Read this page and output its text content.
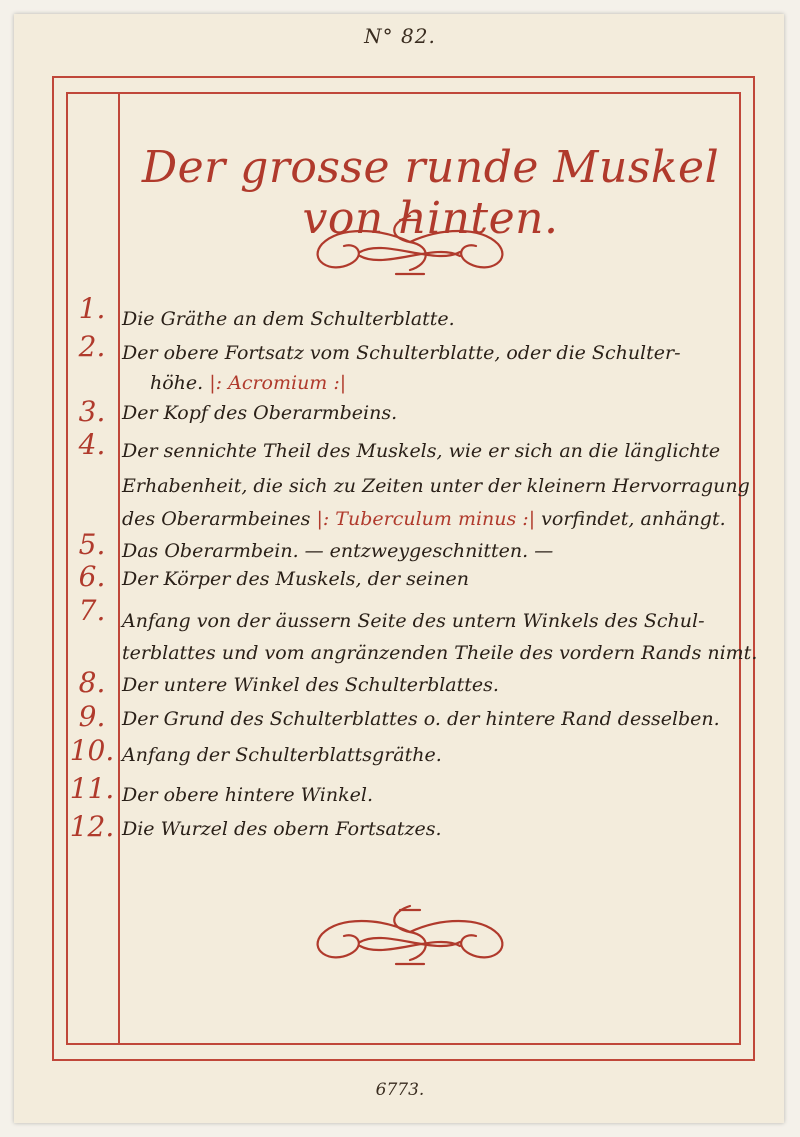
N° 82.
Der grosse runde Muskel von hinten.
1. Die Gräthe an dem Schulterblatte.
2. Der obere Fortsatz vom Schulterblatte, oder die Schulter-
höhe. |: Acromium :|
3. Der Kopf des Oberarmbeins.
4. Der sennichte Theil des Muskels, wie er sich an die länglichte
Erhabenheit, die sich zu Zeiten unter der kleinern Hervorragung
des Oberarmbeines |: Tuberculum minus :| vorfindet, anhängt.
5. Das Oberarmbein. — entzweygeschnitten. —
6. Der Körper des Muskels, der seinen
7. Anfang von der äussern Seite des untern Winkels des Schul-
terblattes und vom angränzenden Theile des vordern Rands nimt.
8. Der untere Winkel des Schulterblattes.
9. Der Grund des Schulterblattes o. der hintere Rand desselben.
10. Anfang der Schulterblattsgräthe.
11. Der obere hintere Winkel.
12. Die Wurzel des obern Fortsatzes.
6773.
